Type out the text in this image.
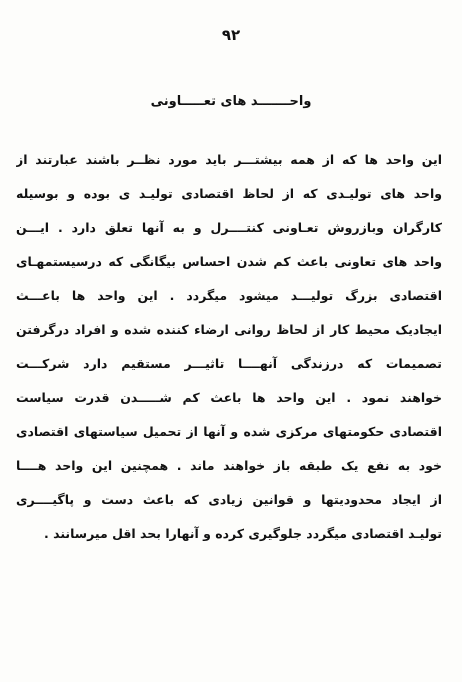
۹۲
واحـــــــد های تعـــــاونی
این واحد ها که از همه بیشتـــر باید مورد نظــر باشند عبارتند از
واحد های تولیـدی که از لحاظ اقتصادی تولیـد ی بوده و بوسیله
کارگران وبازروش تعـاونی کنتــــرل و به آنها تعلق دارد . ایـــن
واحد های تعاونی باعث کم شدن احساس بیگانگی که درسیستمهـای
اقتصادی بزرگ تولیـــد میشود میگردد . این واحد ها باعـــث
ایجادیک محیط کار از لحاظ روانی ارضاء کننده شده و افراد درگرفتن
تصمیمات که درزندگی آنهــــا تاثیـــر مستقیم دارد شرکـــت
خواهند نمود . این واحد ها باعث کم شـــــدن قدرت سیاست
اقتصادی حکومتهای مرکزی شده و آنها از تحمیل سیاستهای اقتصادی
خود به نفع یک طبقه باز خواهند ماند . همچنین این واحد هــــا
از ایجاد محدودیتها و قوانین زیادی که باعث دست و پاگیــــری
تولیـد اقتصادی میگردد جلوگیری کرده و آنهارا بحد اقل میرسانند .
